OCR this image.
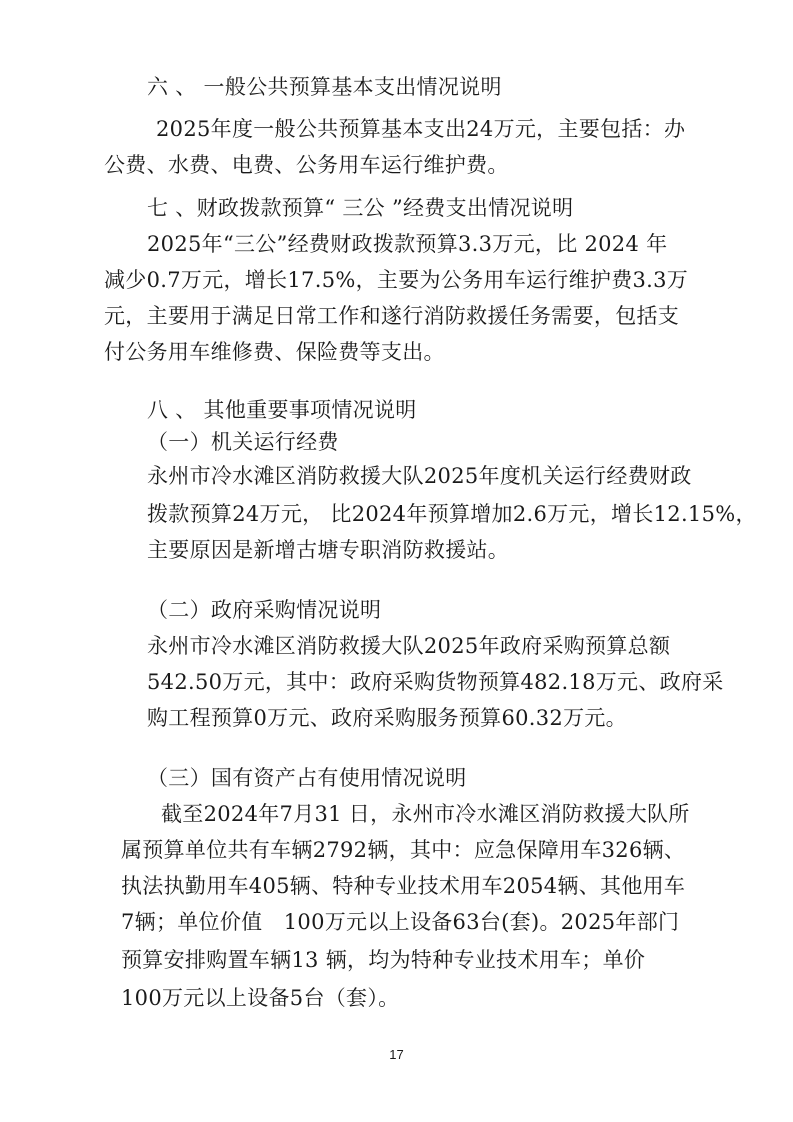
六 、 一般公共预算基本支出情况说明
2025年度一般公共预算基本支出24万元，主要包括：办
公费、水费、电费、公务用车运行维护费。
七 、财政拨款预算“ 三公 ”经费支出情况说明
2025年“三公”经费财政拨款预算3.3万元，比 2024 年
减少0.7万元，增长17.5%，主要为公务用车运行维护费3.3万
元，主要用于满足日常工作和遂行消防救援任务需要，包括支
付公务用车维修费、保险费等支出。
八 、 其他重要事项情况说明
（一）机关运行经费
永州市冷水滩区消防救援大队2025年度机关运行经费财政
拨款预算24万元， 比2024年预算增加2.6万元，增长12.15%，
主要原因是新增古塘专职消防救援站。
（二）政府采购情况说明
永州市冷水滩区消防救援大队2025年政府采购预算总额
542.50万元，其中：政府采购货物预算482.18万元、政府采
购工程预算0万元、政府采购服务预算60.32万元。
（三）国有资产占有使用情况说明
截至2024年7月31 日，永州市冷水滩区消防救援大队所
属预算单位共有车辆2792辆，其中：应急保障用车326辆、
执法执勤用车405辆、特种专业技术用车2054辆、其他用车
7辆；单位价值　100万元以上设备63台(套)。2025年部门
预算安排购置车辆13 辆，均为特种专业技术用车；单价
100万元以上设备5台（套）。
17
